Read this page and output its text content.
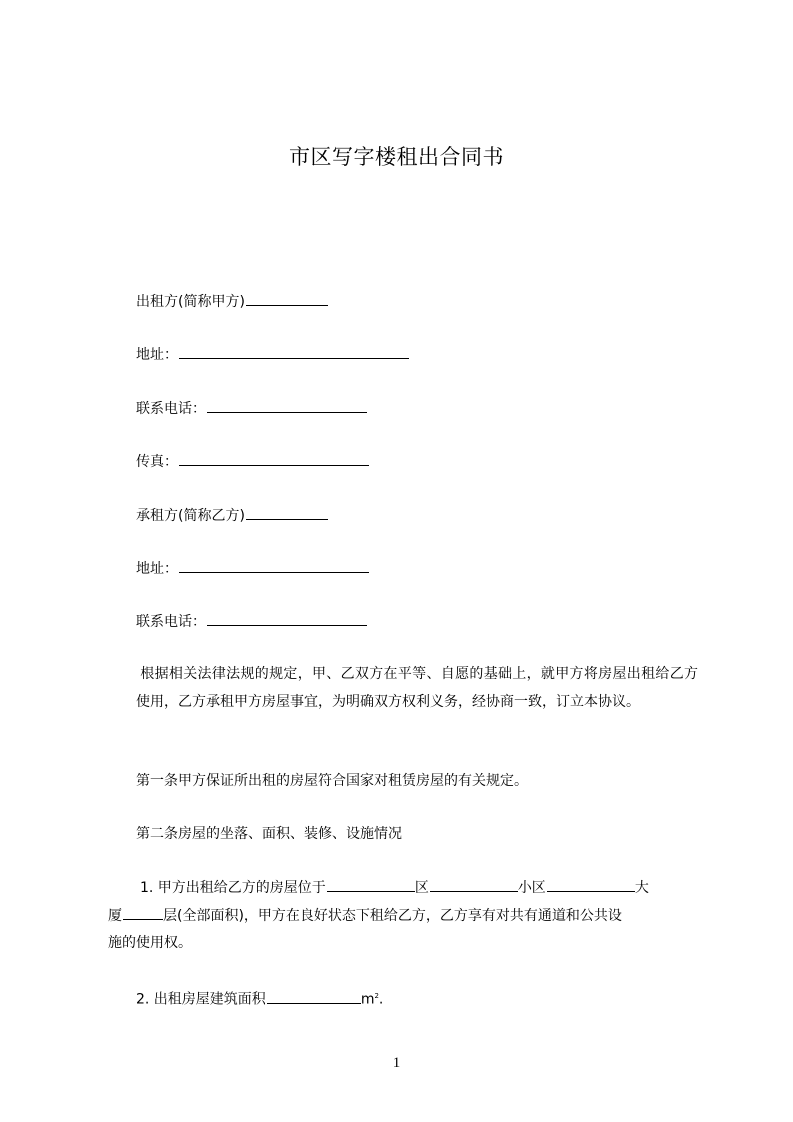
市区写字楼租出合同书
出租方(简称甲方)
地址：
联系电话：
传真：
承租方(简称乙方)
地址：
联系电话：
根据相关法律法规的规定，甲、乙双方在平等、自愿的基础上，就甲方将房屋出租给乙方使用，乙方承租甲方房屋事宜，为明确双方权利义务，经协商一致，订立本协议。
第一条甲方保证所出租的房屋符合国家对租赁房屋的有关规定。
第二条房屋的坐落、面积、装修、设施情况
1. 甲方出租给乙方的房屋位于	区	小区	大
厦	层(全部面积)，甲方在良好状态下租给乙方，乙方享有对共有通道和公共设
施的使用权。
2. 出租房屋建筑面积	$m^2$.
1
